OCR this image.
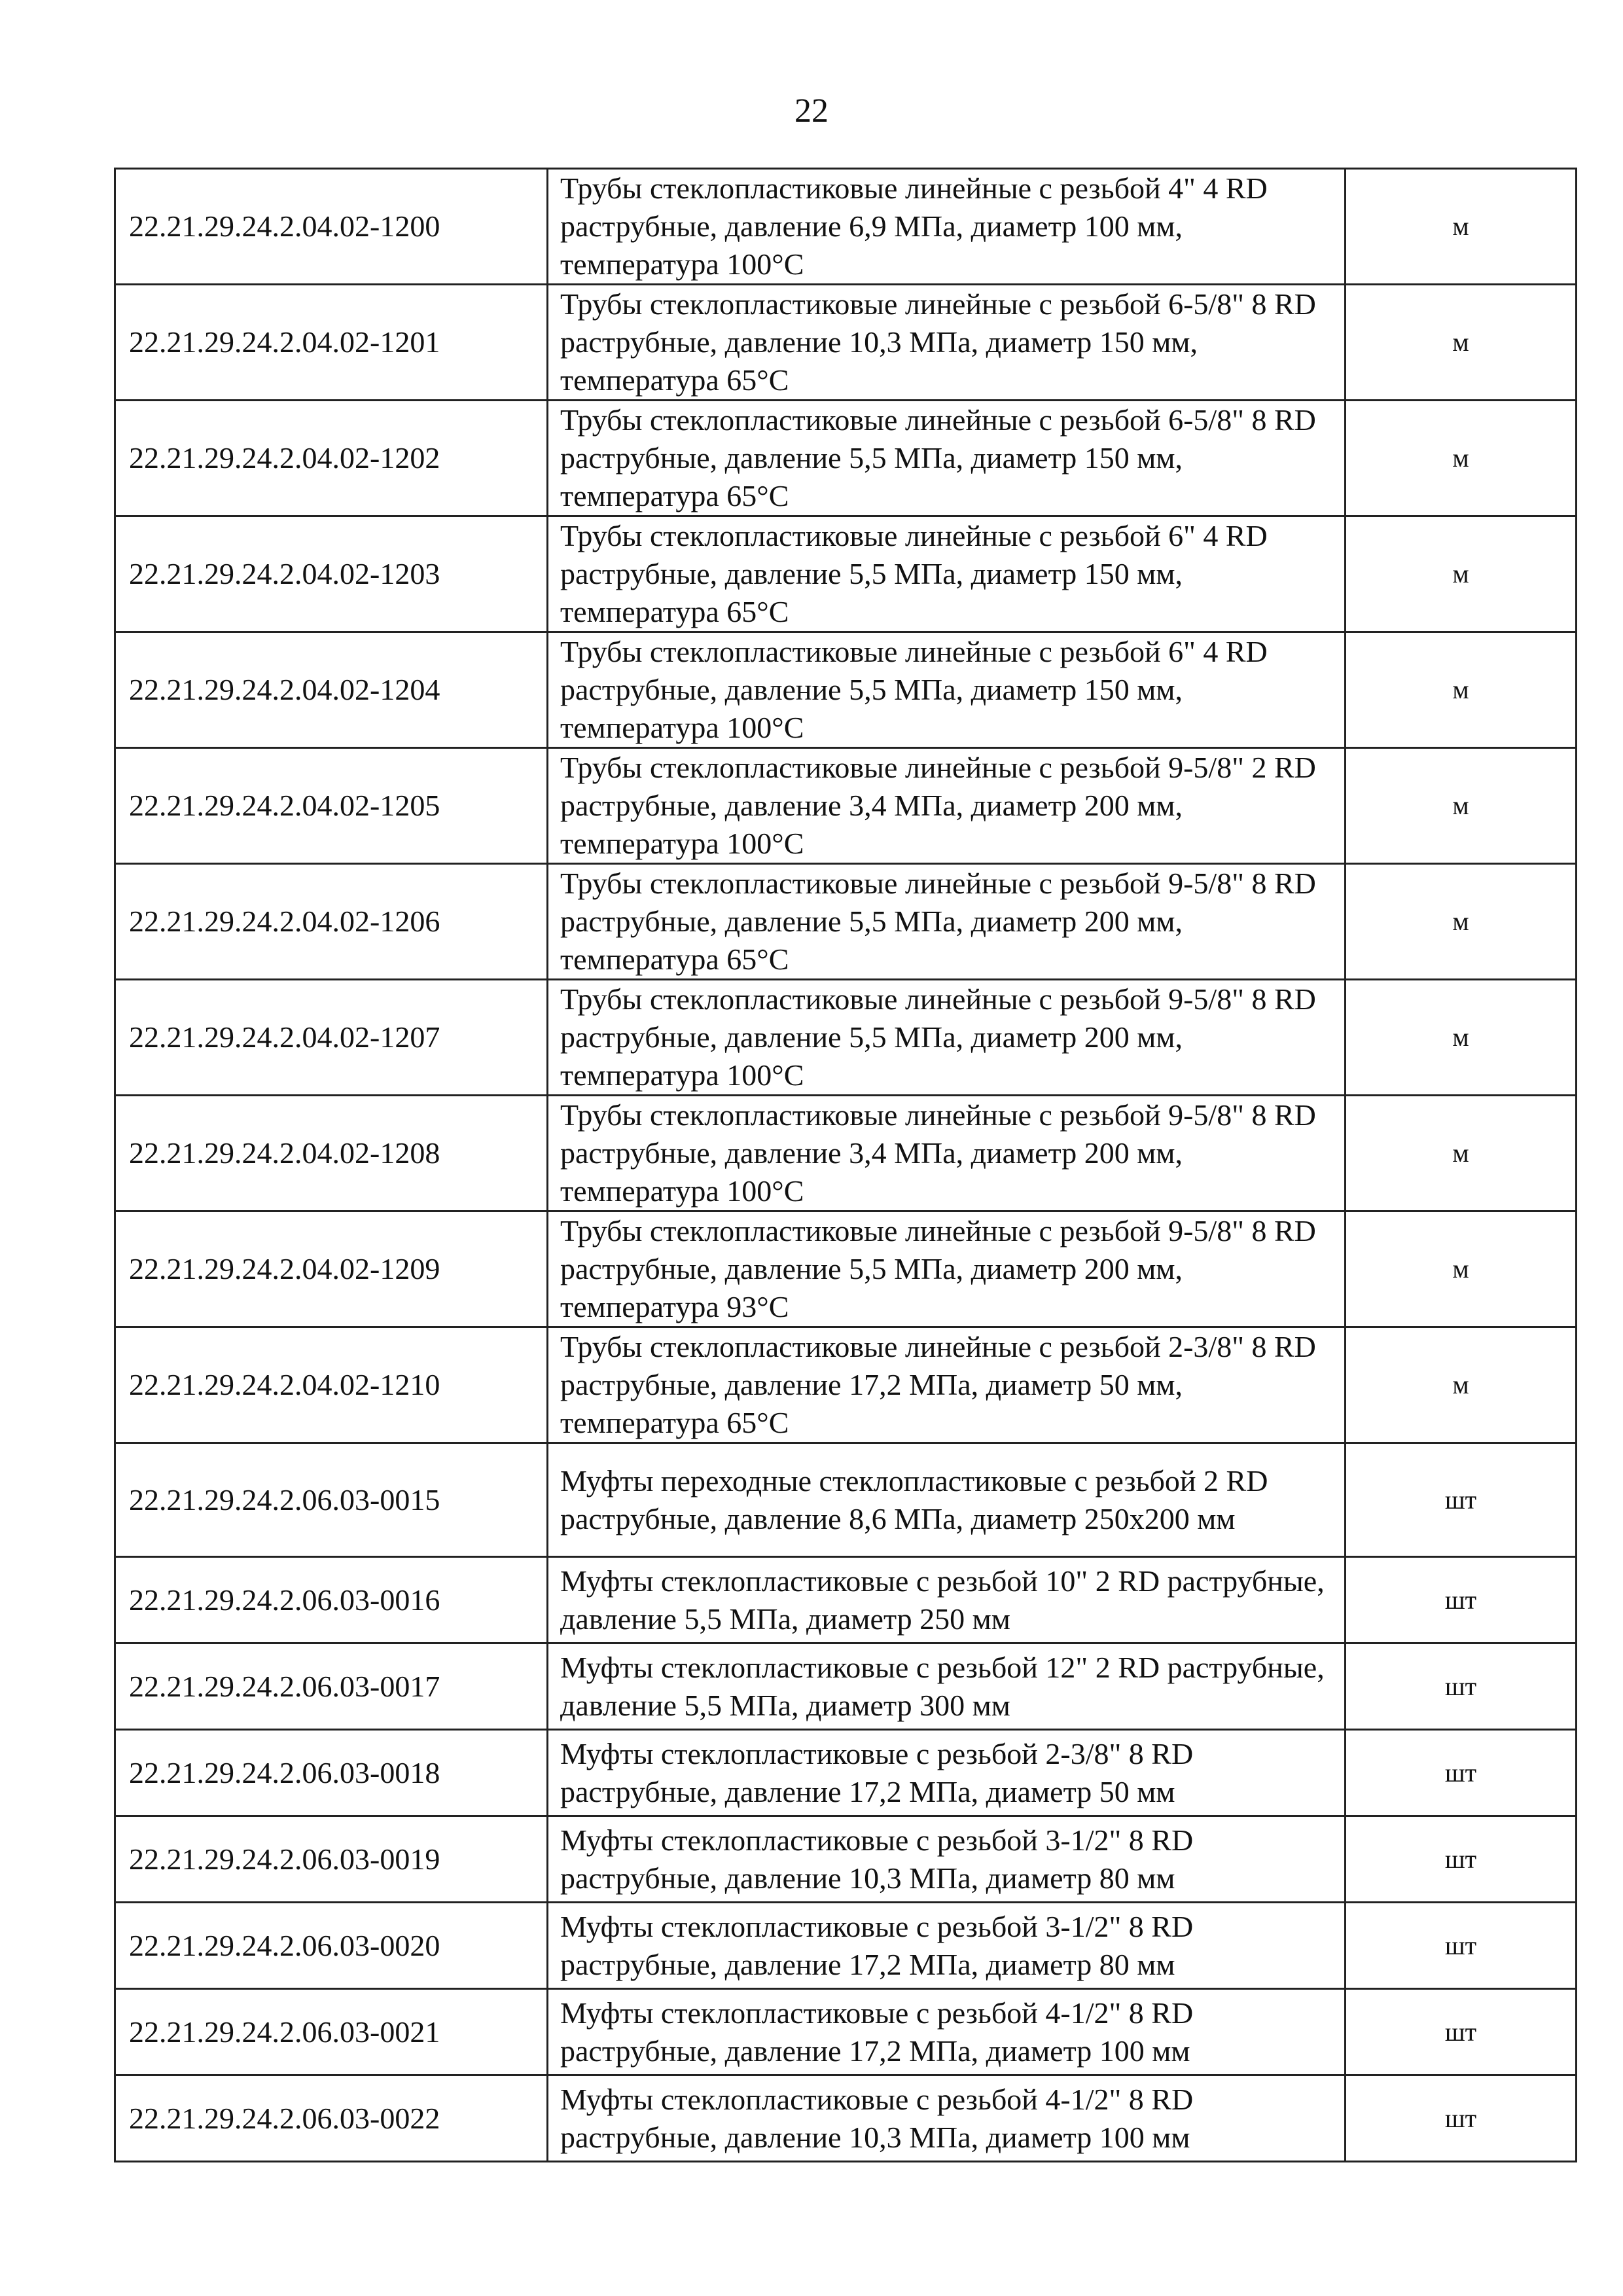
22
22.21.29.24.2.04.02-1200	Трубы стеклопластиковые линейные с резьбой 4" 4 RD раструбные, давление 6,9 МПа, диаметр 100 мм, температура 100°С	м
22.21.29.24.2.04.02-1201	Трубы стеклопластиковые линейные с резьбой 6-5/8" 8 RD раструбные, давление 10,3 МПа, диаметр 150 мм, температура 65°С	м
22.21.29.24.2.04.02-1202	Трубы стеклопластиковые линейные с резьбой 6-5/8" 8 RD раструбные, давление 5,5 МПа, диаметр 150 мм, температура 65°С	м
22.21.29.24.2.04.02-1203	Трубы стеклопластиковые линейные с резьбой 6" 4 RD раструбные, давление 5,5 МПа, диаметр 150 мм, температура 65°С	м
22.21.29.24.2.04.02-1204	Трубы стеклопластиковые линейные с резьбой 6" 4 RD раструбные, давление 5,5 МПа, диаметр 150 мм, температура 100°С	м
22.21.29.24.2.04.02-1205	Трубы стеклопластиковые линейные с резьбой 9-5/8" 2 RD раструбные, давление 3,4 МПа, диаметр 200 мм, температура 100°С	м
22.21.29.24.2.04.02-1206	Трубы стеклопластиковые линейные с резьбой 9-5/8" 8 RD раструбные, давление 5,5 МПа, диаметр 200 мм, температура 65°С	м
22.21.29.24.2.04.02-1207	Трубы стеклопластиковые линейные с резьбой 9-5/8" 8 RD раструбные, давление 5,5 МПа, диаметр 200 мм, температура 100°С	м
22.21.29.24.2.04.02-1208	Трубы стеклопластиковые линейные с резьбой 9-5/8" 8 RD раструбные, давление 3,4 МПа, диаметр 200 мм, температура 100°С	м
22.21.29.24.2.04.02-1209	Трубы стеклопластиковые линейные с резьбой 9-5/8" 8 RD раструбные, давление 5,5 МПа, диаметр 200 мм, температура 93°С	м
22.21.29.24.2.04.02-1210	Трубы стеклопластиковые линейные с резьбой 2-3/8" 8 RD раструбные, давление 17,2 МПа, диаметр 50 мм, температура 65°С	м
22.21.29.24.2.06.03-0015	Муфты переходные стеклопластиковые с резьбой 2 RD раструбные, давление 8,6 МПа, диаметр 250x200 мм	шт
22.21.29.24.2.06.03-0016	Муфты стеклопластиковые с резьбой 10" 2 RD раструбные, давление 5,5 МПа, диаметр 250 мм	шт
22.21.29.24.2.06.03-0017	Муфты стеклопластиковые с резьбой 12" 2 RD раструбные, давление 5,5 МПа, диаметр 300 мм	шт
22.21.29.24.2.06.03-0018	Муфты стеклопластиковые с резьбой 2-3/8" 8 RD раструбные, давление 17,2 МПа, диаметр 50 мм	шт
22.21.29.24.2.06.03-0019	Муфты стеклопластиковые с резьбой 3-1/2" 8 RD раструбные, давление 10,3 МПа, диаметр 80 мм	шт
22.21.29.24.2.06.03-0020	Муфты стеклопластиковые с резьбой 3-1/2" 8 RD раструбные, давление 17,2 МПа, диаметр 80 мм	шт
22.21.29.24.2.06.03-0021	Муфты стеклопластиковые с резьбой 4-1/2" 8 RD раструбные, давление 17,2 МПа, диаметр 100 мм	шт
22.21.29.24.2.06.03-0022	Муфты стеклопластиковые с резьбой 4-1/2" 8 RD раструбные, давление 10,3 МПа, диаметр 100 мм	шт
